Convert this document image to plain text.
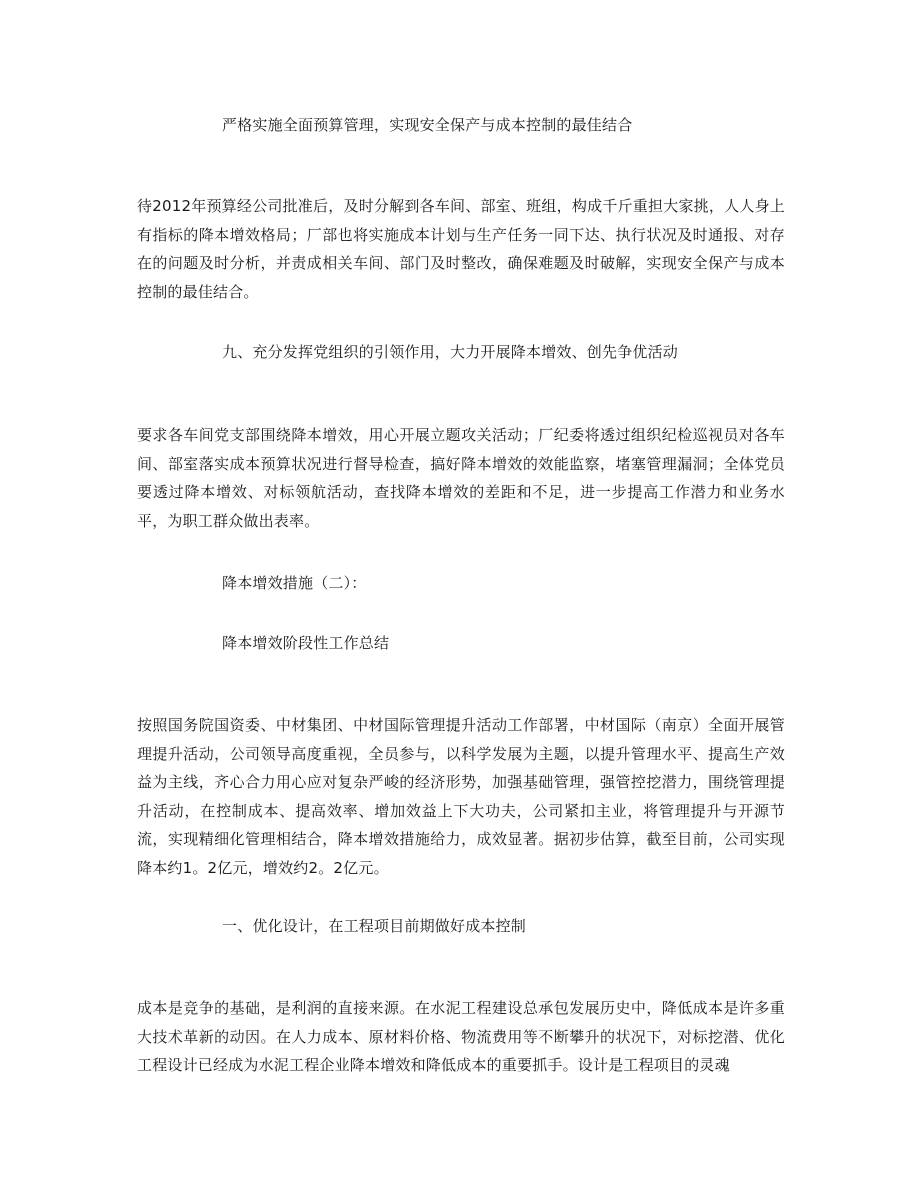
严格实施全面预算管理，实现安全保产与成本控制的最佳结合
待2012年预算经公司批准后，及时分解到各车间、部室、班组，构成千斤重担大家挑，人人身上有指标的降本增效格局；厂部也将实施成本计划与生产任务一同下达、执行状况及时通报、对存在的问题及时分析，并责成相关车间、部门及时整改，确保难题及时破解，实现安全保产与成本控制的最佳结合。
九、充分发挥党组织的引领作用，大力开展降本增效、创先争优活动
要求各车间党支部围绕降本增效，用心开展立题攻关活动；厂纪委将透过组织纪检巡视员对各车间、部室落实成本预算状况进行督导检查，搞好降本增效的效能监察，堵塞管理漏洞；全体党员要透过降本增效、对标领航活动，查找降本增效的差距和不足，进一步提高工作潜力和业务水平，为职工群众做出表率。
降本增效措施（二）：
降本增效阶段性工作总结
按照国务院国资委、中材集团、中材国际管理提升活动工作部署，中材国际（南京）全面开展管理提升活动，公司领导高度重视，全员参与，以科学发展为主题，以提升管理水平、提高生产效益为主线，齐心合力用心应对复杂严峻的经济形势，加强基础管理，强管控挖潜力，围绕管理提升活动，在控制成本、提高效率、增加效益上下大功夫，公司紧扣主业，将管理提升与开源节流，实现精细化管理相结合，降本增效措施给力，成效显著。据初步估算，截至目前，公司实现降本约1。2亿元，增效约2。2亿元。
一、优化设计，在工程项目前期做好成本控制
成本是竞争的基础，是利润的直接来源。在水泥工程建设总承包发展历史中，降低成本是许多重大技术革新的动因。在人力成本、原材料价格、物流费用等不断攀升的状况下，对标挖潜、优化工程设计已经成为水泥工程企业降本增效和降低成本的重要抓手。设计是工程项目的灵魂
